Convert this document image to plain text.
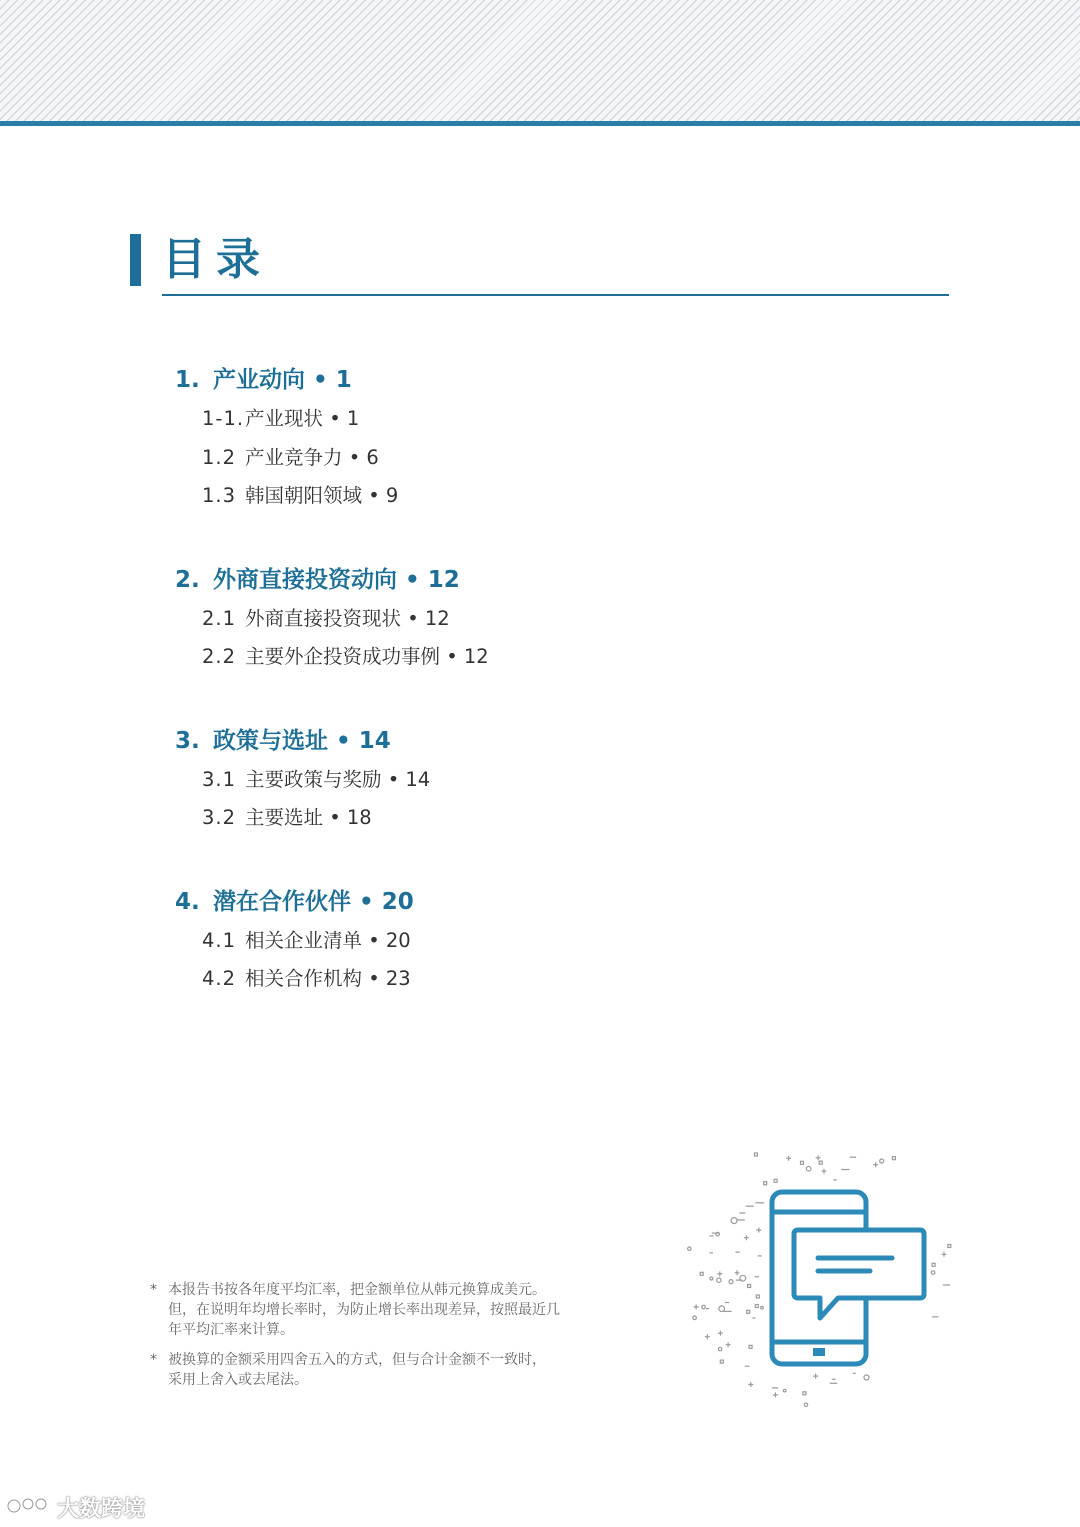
目录
1. 产业动向 • 1
1-1.产业现状 • 1
1.2 产业竞争力 • 6
1.3 韩国朝阳领域 • 9
2. 外商直接投资动向 • 12
2.1 外商直接投资现状 • 12
2.2 主要外企投资成功事例 • 12
3. 政策与选址 • 14
3.1 主要政策与奖励 • 14
3.2 主要选址 • 18
4. 潜在合作伙伴 • 20
4.1 相关企业清单 • 20
4.2 相关合作机构 • 23
* 本报告书按各年度平均汇率，把金额单位从韩元换算成美元。

但，在说明年均增长率时，为防止增长率出现差异，按照最近几

年平均汇率来计算。

* 被换算的金额采用四舍五入的方式，但与合计金额不一致时，

采用上舍入或去尾法。

大数跨境
